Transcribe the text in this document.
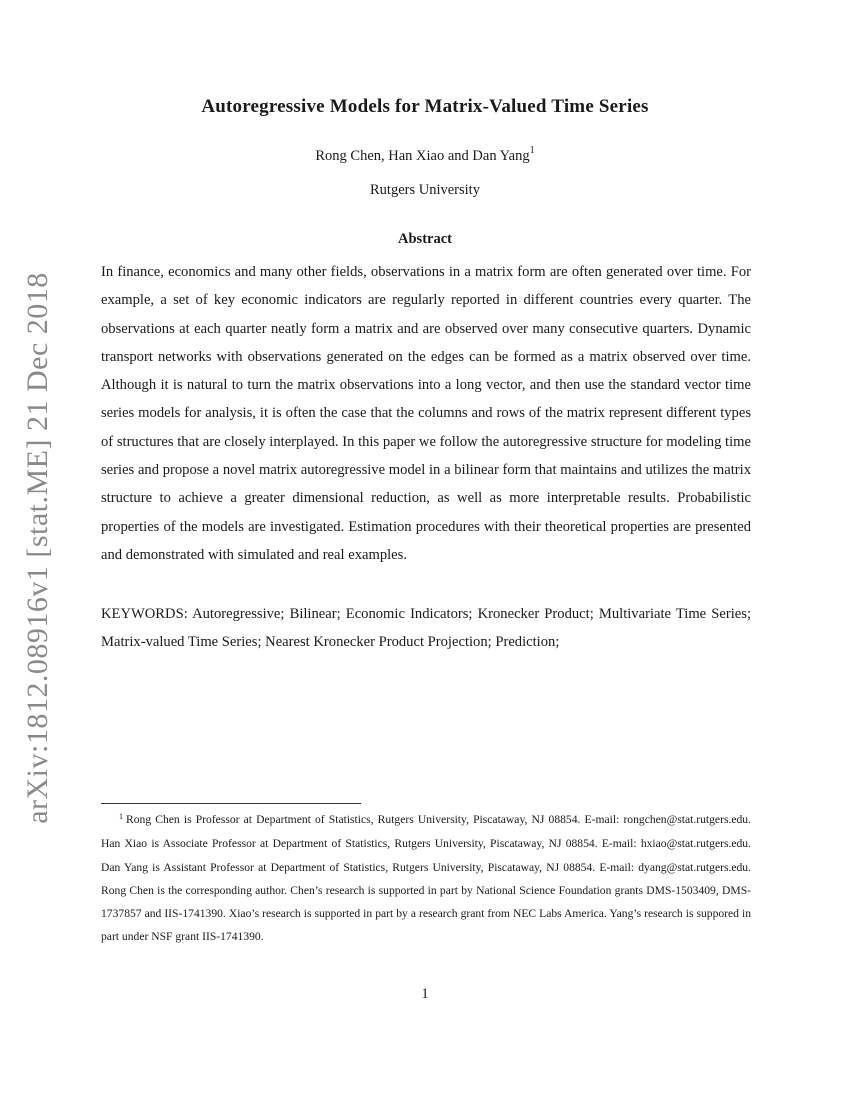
arXiv:1812.08916v1 [stat.ME] 21 Dec 2018
Autoregressive Models for Matrix-Valued Time Series
Rong Chen, Han Xiao and Dan Yang$^1$
Rutgers University
Abstract

In finance, economics and many other fields, observations in a matrix form are often generated over time. For example, a set of key economic indicators are regularly reported in different countries every quarter. The observations at each quarter neatly form a matrix and are observed over many consecutive quarters. Dynamic transport networks with observations generated on the edges can be formed as a matrix observed over time. Although it is natural to turn the matrix observations into a long vector, and then use the standard vector time series models for analysis, it is often the case that the columns and rows of the matrix represent different types of structures that are closely interplayed. In this paper we follow the autoregressive structure for modeling time series and propose a novel matrix autoregressive model in a bilinear form that maintains and utilizes the matrix structure to achieve a greater dimensional reduction, as well as more interpretable results. Probabilistic properties of the models are investigated. Estimation procedures with their theoretical properties are presented and demonstrated with simulated and real examples.

KEYWORDS: Autoregressive; Bilinear; Economic Indicators; Kronecker Product; Multivariate Time Series; Matrix-valued Time Series; Nearest Kronecker Product Projection; Prediction;

$^1$ Rong Chen is Professor at Department of Statistics, Rutgers University, Piscataway, NJ 08854. E-mail: rongchen@stat.rutgers.edu. Han Xiao is Associate Professor at Department of Statistics, Rutgers University, Piscataway, NJ 08854. E-mail: hxiao@stat.rutgers.edu. Dan Yang is Assistant Professor at Department of Statistics, Rutgers University, Piscataway, NJ 08854. E-mail: dyang@stat.rutgers.edu. Rong Chen is the corresponding author. Chen’s research is supported in part by National Science Foundation grants DMS-1503409, DMS-1737857 and IIS-1741390. Xiao’s research is supported in part by a research grant from NEC Labs America. Yang’s research is suppored in part under NSF grant IIS-1741390.

1
